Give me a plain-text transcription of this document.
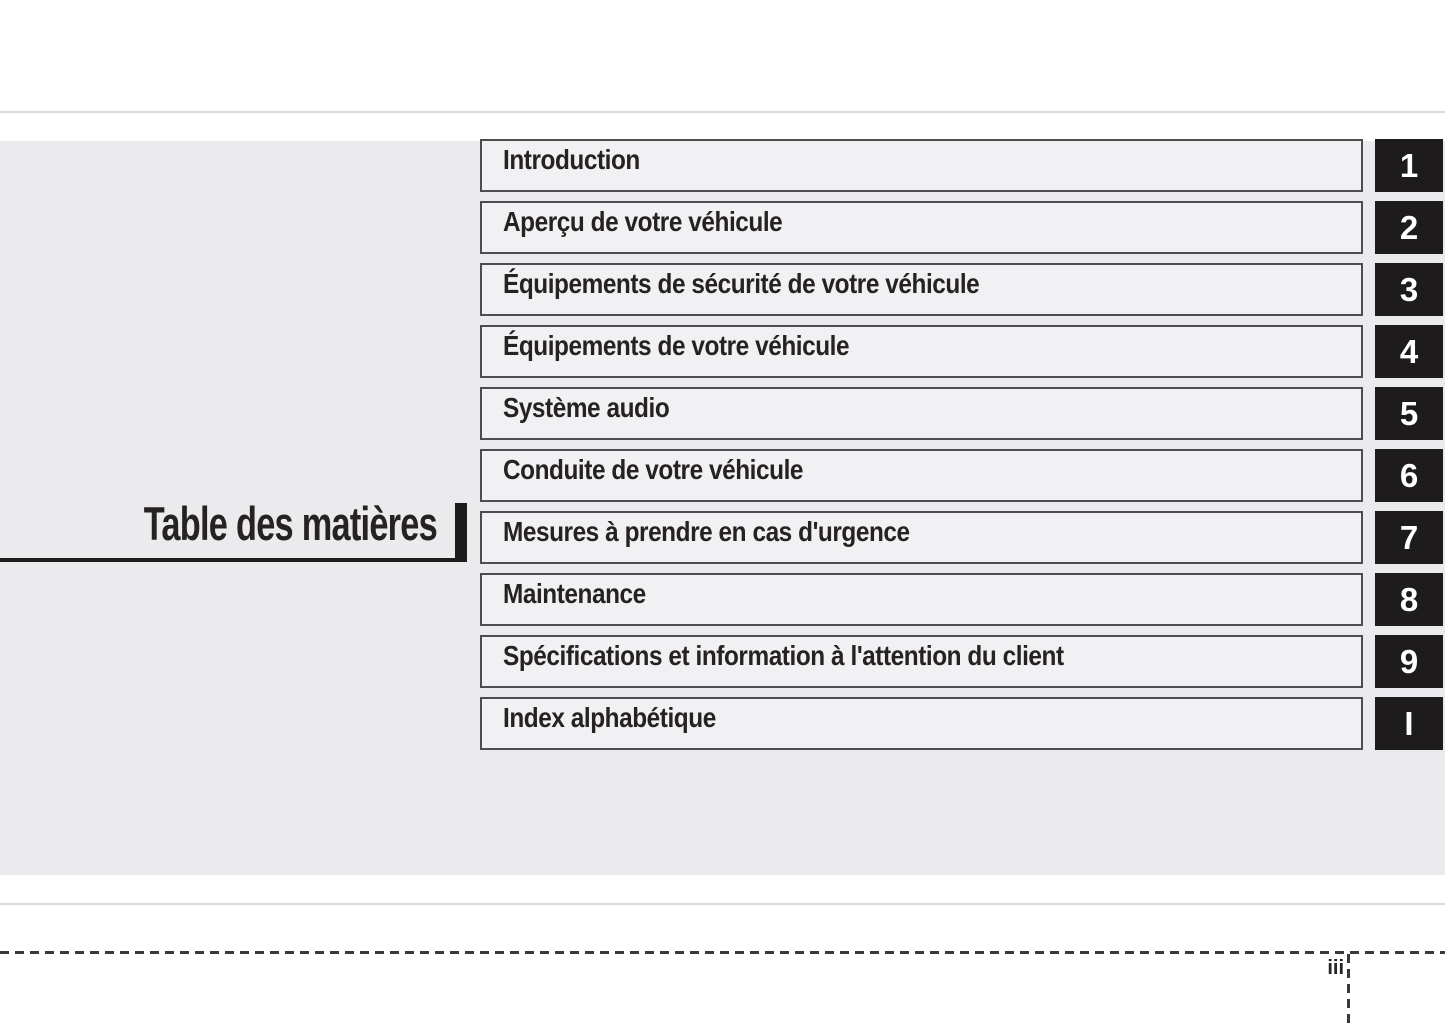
Table des matières
Introduction
Aperçu de votre véhicule
Équipements de sécurité de votre véhicule
Équipements de votre véhicule
Système audio
Conduite de votre véhicule
Mesures à prendre en cas d'urgence
Maintenance
Spécifications et information à l'attention du client
Index alphabétique
1
2
3
4
5
6
7
8
9
I
iii
